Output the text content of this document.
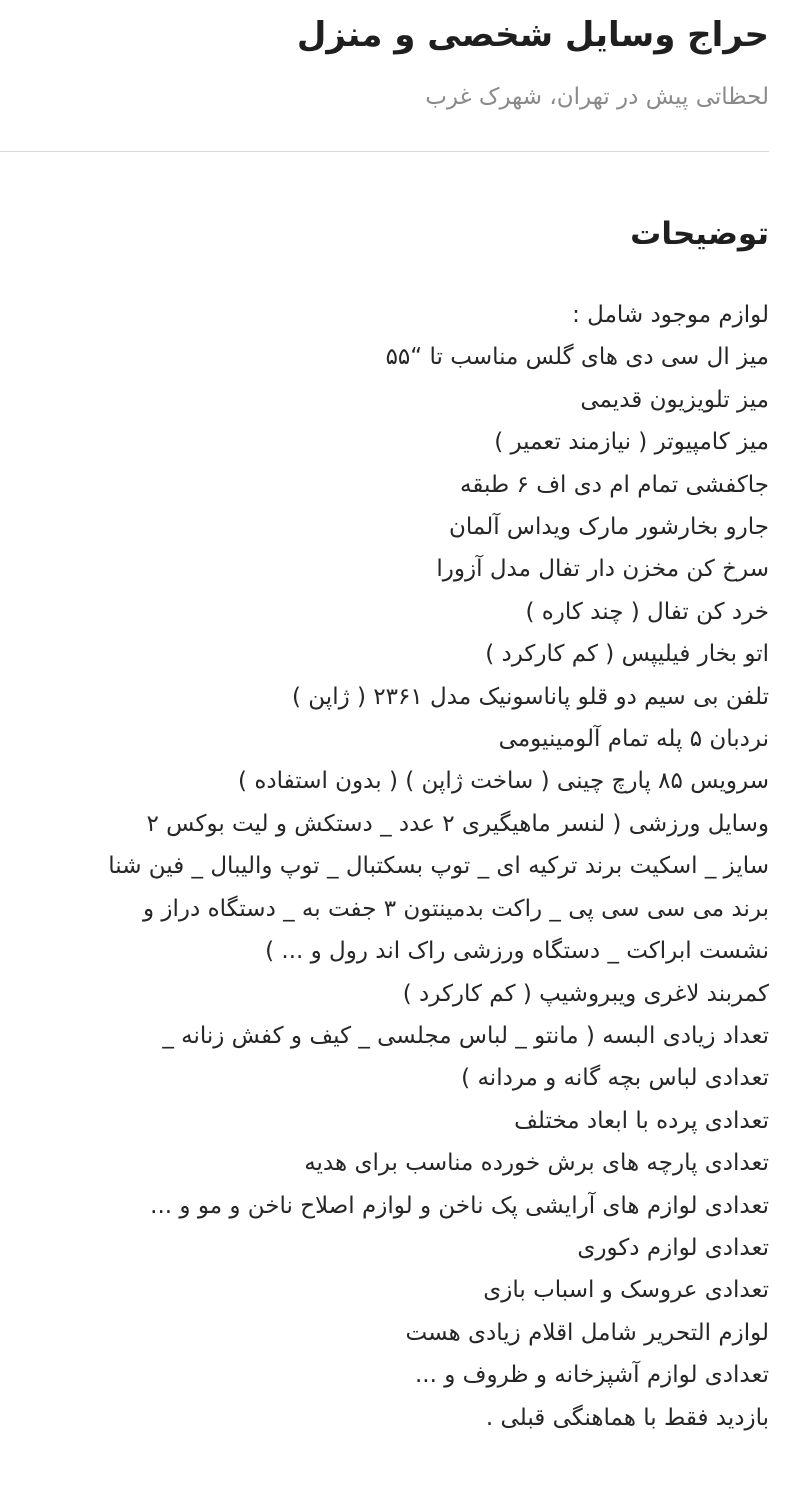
حراج وسایل شخصی و منزل
لحظاتی پیش در تهران، شهرک غرب
توضیحات
لوازم موجود شامل :
میز ال سی دی های گلس مناسب تا “۵۵
میز تلویزیون قدیمی
میز کامپیوتر ( نیازمند تعمیر )
جاکفشی تمام ام دی اف ۶ طبقه
جارو بخارشور مارک ویداس آلمان
سرخ کن مخزن دار تفال مدل آزورا
خرد کن تفال ( چند کاره )
اتو بخار فیلیپس ( کم کارکرد )
تلفن بی سیم دو قلو پاناسونیک مدل ۲۳۶۱ ( ژاپن )
نردبان ۵ پله تمام آلومینیومی
سرویس ۸۵ پارچ چینی ( ساخت ژاپن ) ( بدون استفاده )
وسایل ورزشی ( لنسر ماهیگیری ۲ عدد _ دستکش و لیت بوکس ۲
سایز _ اسکیت برند ترکیه ای _ توپ بسکتبال _ توپ والیبال _ فین شنا
برند می سی سی پی _ راکت بدمینتون ۳ جفت به _ دستگاه دراز و
نشست ابراکت _ دستگاه ورزشی راک اند رول و ... )
کمربند لاغری ویبروشیپ ( کم کارکرد )
تعداد زیادی البسه ( مانتو _ لباس مجلسی _ کیف و کفش زنانه _
تعدادی لباس بچه گانه و مردانه )
تعدادی پرده با ابعاد مختلف
تعدادی پارچه های برش خورده مناسب برای هدیه
تعدادی لوازم های آرایشی پک ناخن و لوازم اصلاح ناخن و مو و ...
تعدادی لوازم دکوری
تعدادی عروسک و اسباب بازی
لوازم التحریر شامل اقلام زیادی هست
تعدادی لوازم آشپزخانه و ظروف و ...
بازدید فقط با هماهنگی قبلی .
